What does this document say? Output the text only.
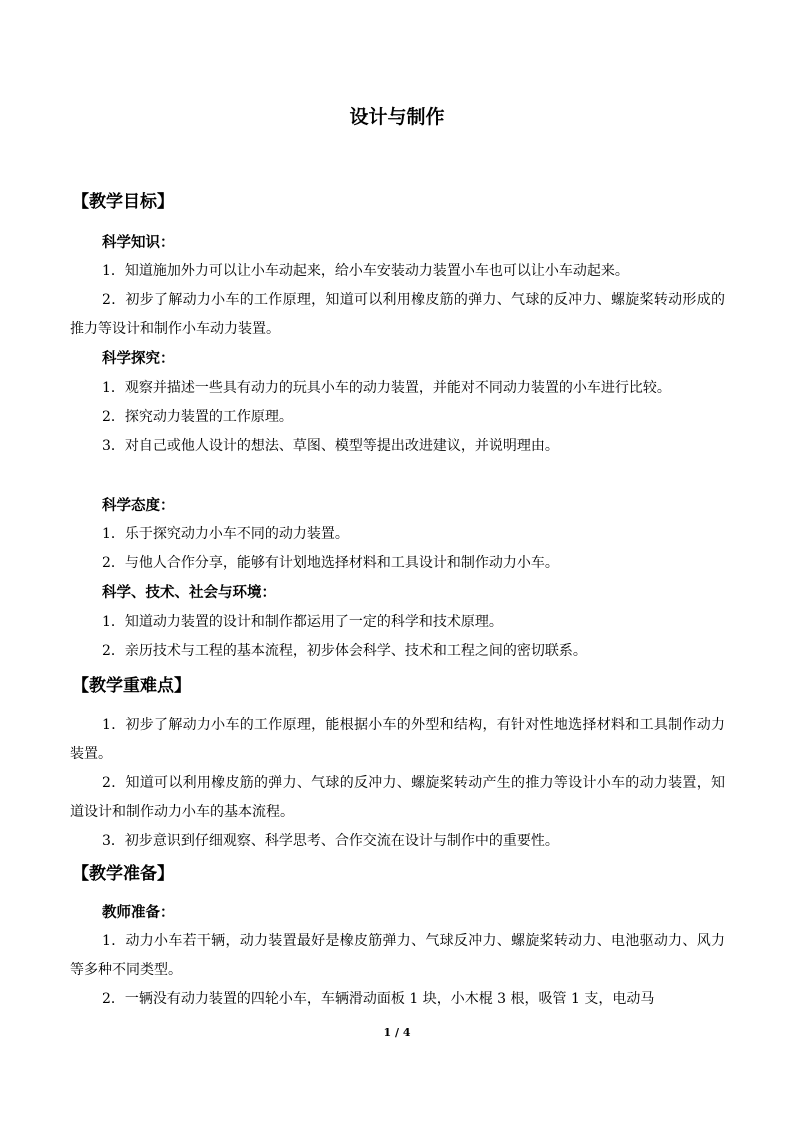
设计与制作
【教学目标】
科学知识：

1．知道施加外力可以让小车动起来，给小车安装动力装置小车也可以让小车动起来。

2．初步了解动力小车的工作原理，知道可以利用橡皮筋的弹力、气球的反冲力、螺旋桨转动形成的推力等设计和制作小车动力装置。

科学探究：

1．观察并描述一些具有动力的玩具小车的动力装置，并能对不同动力装置的小车进行比较。

2．探究动力装置的工作原理。

3．对自己或他人设计的想法、草图、模型等提出改进建议，并说明理由。

科学态度：

1．乐于探究动力小车不同的动力装置。

2．与他人合作分享，能够有计划地选择材料和工具设计和制作动力小车。

科学、技术、社会与环境：

1．知道动力装置的设计和制作都运用了一定的科学和技术原理。

2．亲历技术与工程的基本流程，初步体会科学、技术和工程之间的密切联系。

【教学重难点】

1．初步了解动力小车的工作原理，能根据小车的外型和结构，有针对性地选择材料和工具制作动力装置。

2．知道可以利用橡皮筋的弹力、气球的反冲力、螺旋桨转动产生的推力等设计小车的动力装置，知道设计和制作动力小车的基本流程。

3．初步意识到仔细观察、科学思考、合作交流在设计与制作中的重要性。

【教学准备】
教师准备：

1．动力小车若干辆，动力装置最好是橡皮筋弹力、气球反冲力、螺旋桨转动力、电池驱动力、风力等多种不同类型。

2．一辆没有动力装置的四轮小车，车辆滑动面板 1 块，小木棍 3 根，吸管 1 支，电动马

1 / 4
